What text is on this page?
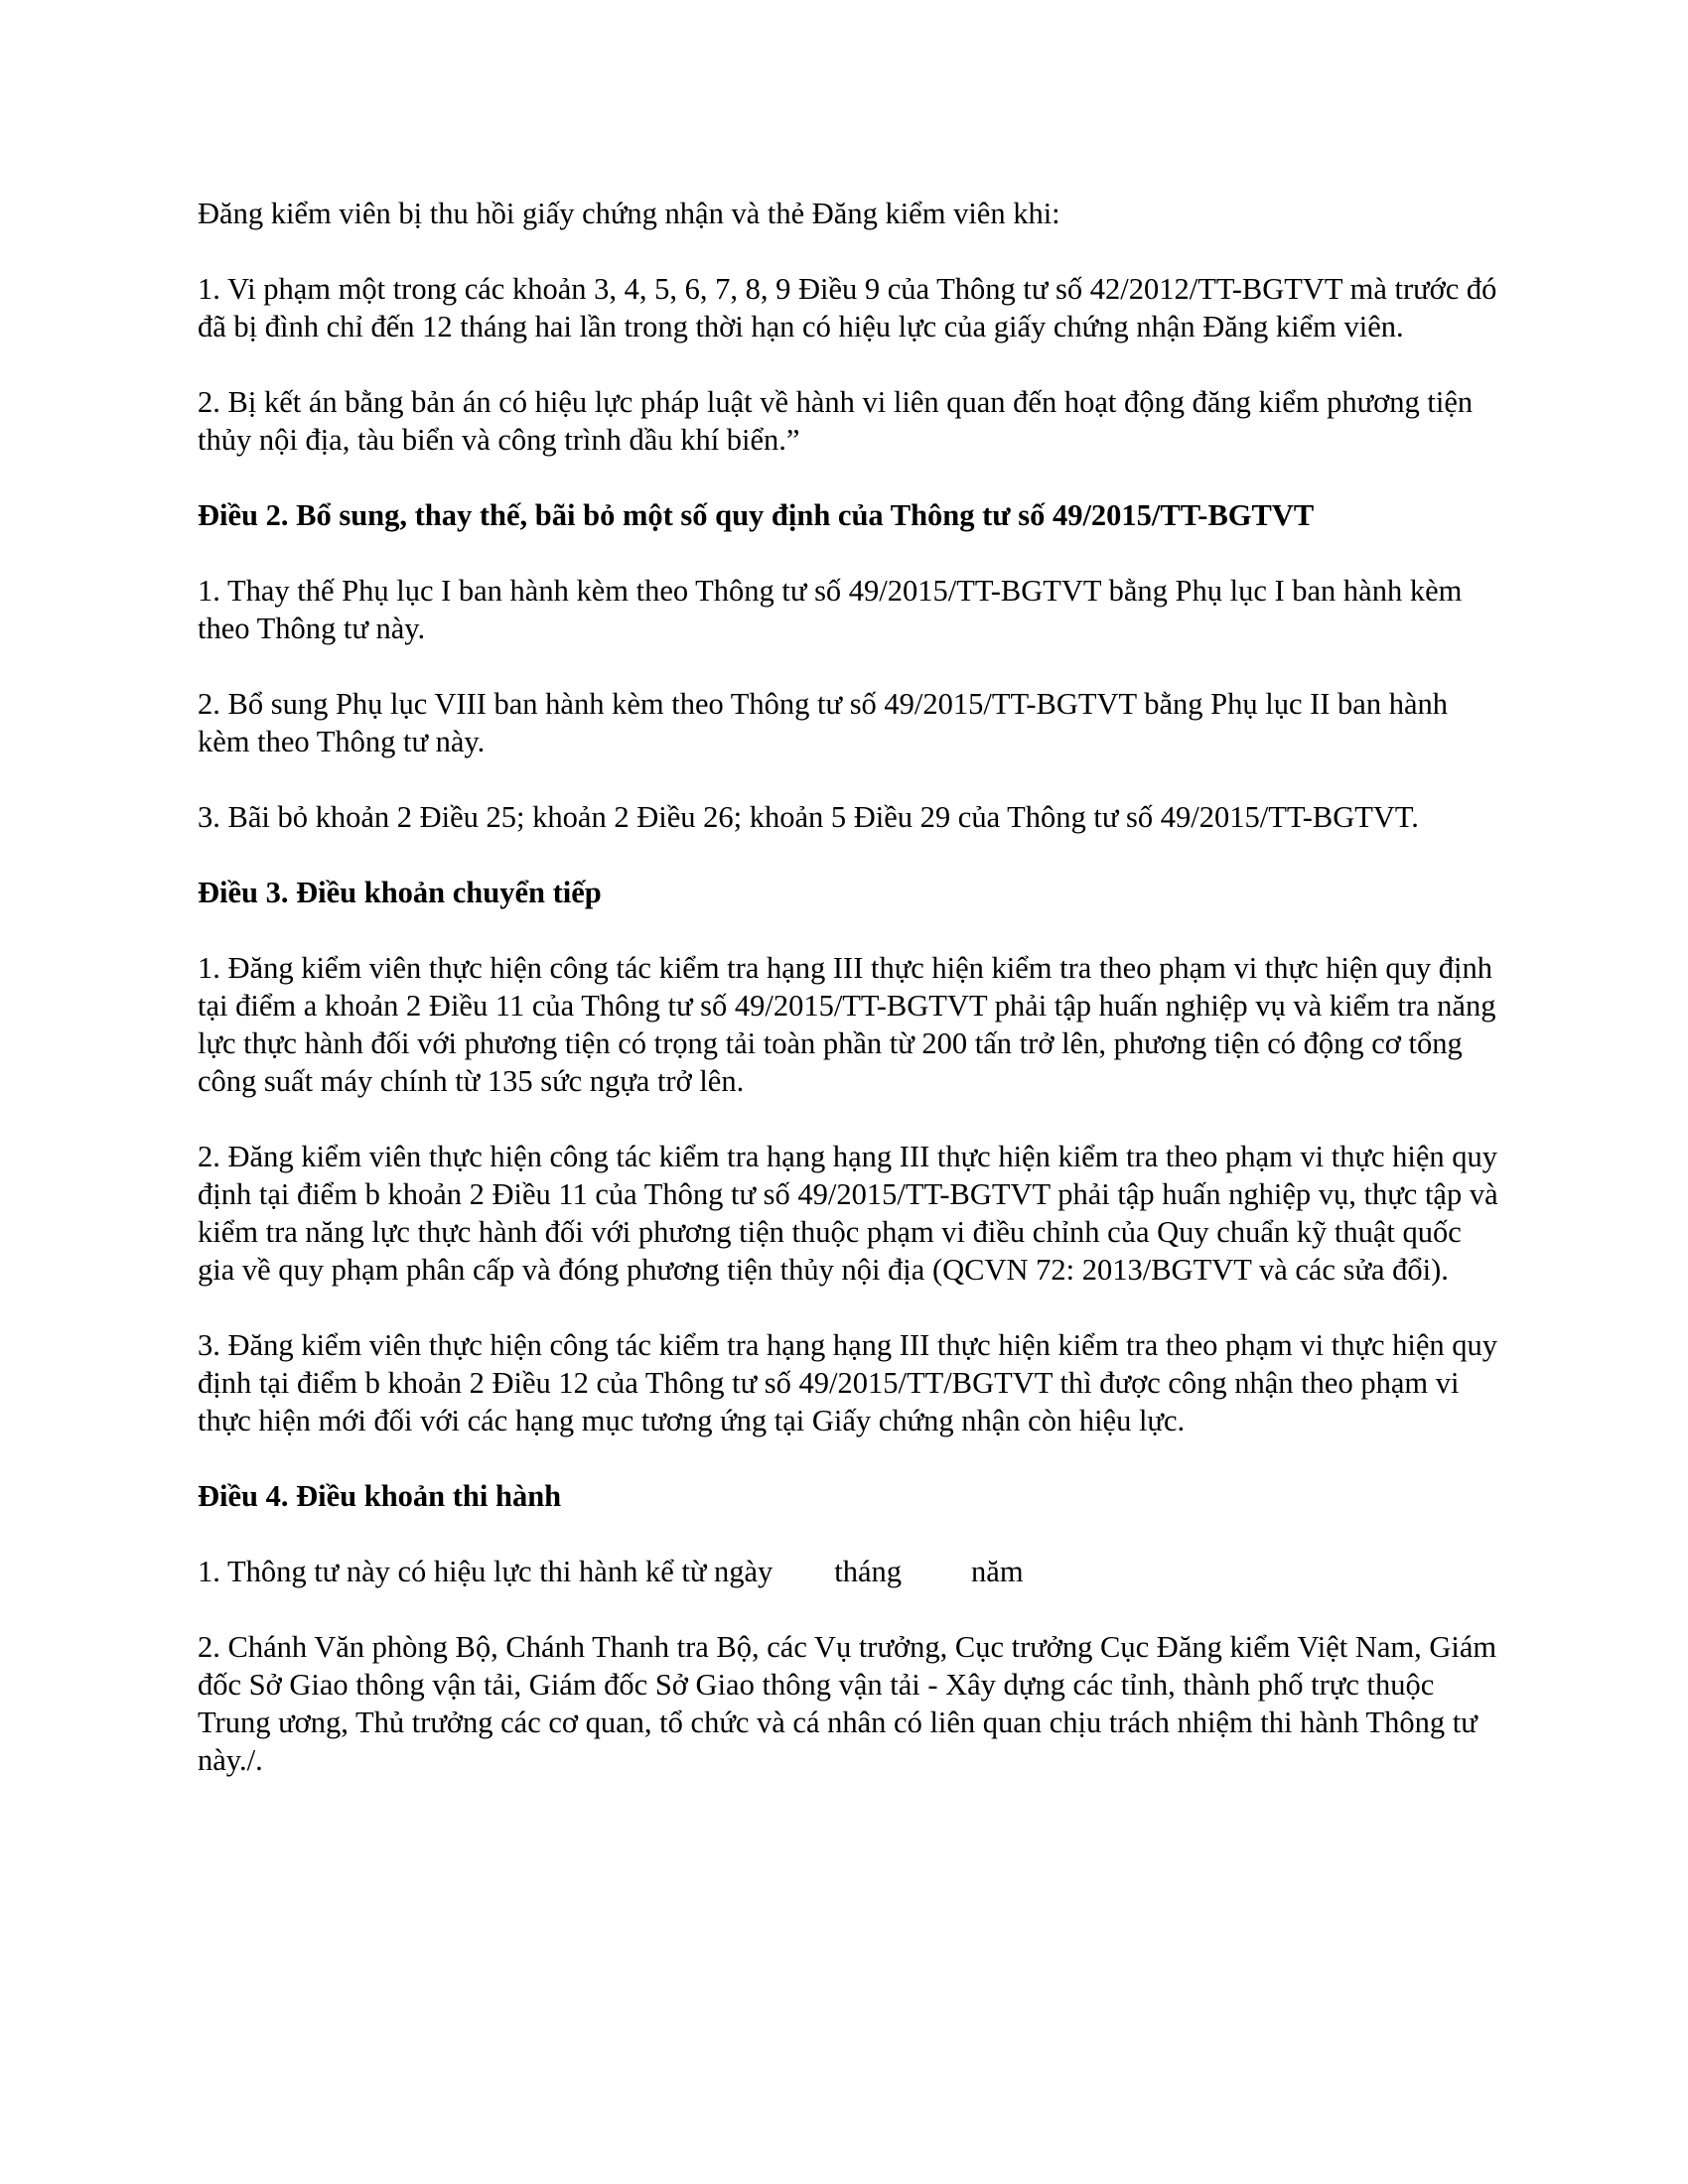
Đăng kiểm viên bị thu hồi giấy chứng nhận và thẻ Đăng kiểm viên khi:

1. Vi phạm một trong các khoản 3, 4, 5, 6, 7, 8, 9 Điều 9 của Thông tư số 42/2012/TT-BGTVT mà trước đó đã bị đình chỉ đến 12 tháng hai lần trong thời hạn có hiệu lực của giấy chứng nhận Đăng kiểm viên.

2. Bị kết án bằng bản án có hiệu lực pháp luật về hành vi liên quan đến hoạt động đăng kiểm phương tiện thủy nội địa, tàu biển và công trình dầu khí biển.”

Điều 2. Bổ sung, thay thế, bãi bỏ một số quy định của Thông tư số 49/2015/TT-BGTVT

1. Thay thế Phụ lục I ban hành kèm theo Thông tư số 49/2015/TT-BGTVT bằng Phụ lục I ban hành kèm theo Thông tư này.

2. Bổ sung Phụ lục VIII ban hành kèm theo Thông tư số 49/2015/TT-BGTVT bằng Phụ lục II ban hành kèm theo Thông tư này.

3. Bãi bỏ khoản 2 Điều 25; khoản 2 Điều 26; khoản 5 Điều 29 của Thông tư số 49/2015/TT-BGTVT.

Điều 3. Điều khoản chuyển tiếp

1. Đăng kiểm viên thực hiện công tác kiểm tra hạng III thực hiện kiểm tra theo phạm vi thực hiện quy định tại điểm a khoản 2 Điều 11 của Thông tư số 49/2015/TT-BGTVT phải tập huấn nghiệp vụ và kiểm tra năng lực thực hành đối với phương tiện có trọng tải toàn phần từ 200 tấn trở lên, phương tiện có động cơ tổng công suất máy chính từ 135 sức ngựa trở lên.

2. Đăng kiểm viên thực hiện công tác kiểm tra hạng hạng III thực hiện kiểm tra theo phạm vi thực hiện quy định tại điểm b khoản 2 Điều 11 của Thông tư số 49/2015/TT-BGTVT phải tập huấn nghiệp vụ, thực tập và kiểm tra năng lực thực hành đối với phương tiện thuộc phạm vi điều chỉnh của Quy chuẩn kỹ thuật quốc gia về quy phạm phân cấp và đóng phương tiện thủy nội địa (QCVN 72: 2013/BGTVT và các sửa đổi).

3. Đăng kiểm viên thực hiện công tác kiểm tra hạng hạng III thực hiện kiểm tra theo phạm vi thực hiện quy định tại điểm b khoản 2 Điều 12 của Thông tư số 49/2015/TT/BGTVT thì được công nhận theo phạm vi thực hiện mới đối với các hạng mục tương ứng tại Giấy chứng nhận còn hiệu lực.

Điều 4. Điều khoản thi hành

1. Thông tư này có hiệu lực thi hành kể từ ngày tháng năm

2. Chánh Văn phòng Bộ, Chánh Thanh tra Bộ, các Vụ trưởng, Cục trưởng Cục Đăng kiểm Việt Nam, Giám đốc Sở Giao thông vận tải, Giám đốc Sở Giao thông vận tải - Xây dựng các tỉnh, thành phố trực thuộc Trung ương, Thủ trưởng các cơ quan, tổ chức và cá nhân có liên quan chịu trách nhiệm thi hành Thông tư này./.
